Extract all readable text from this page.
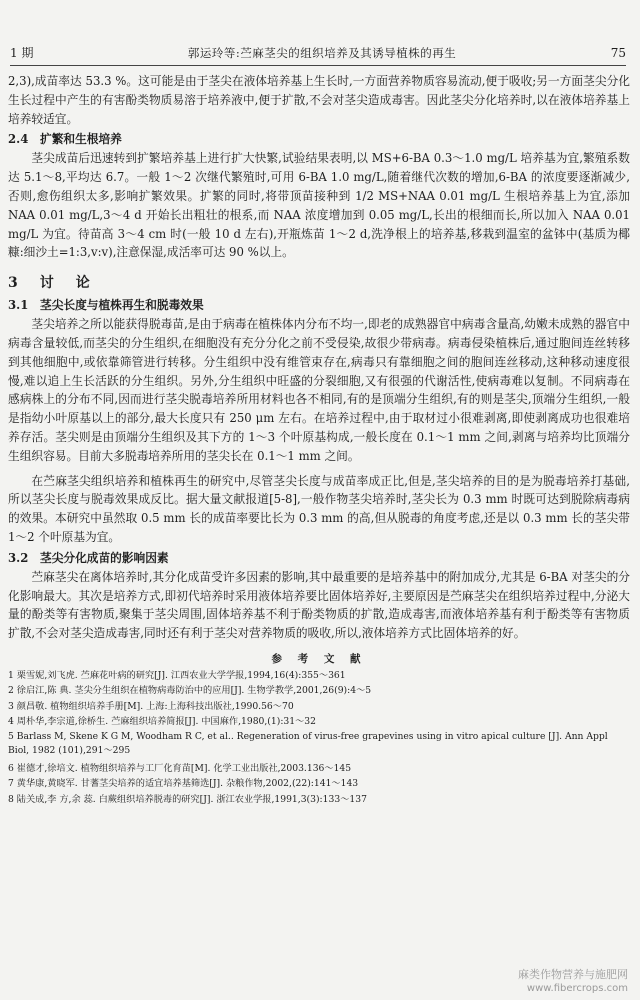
1 期	郭运玲等:苎麻茎尖的组织培养及其诱导植株的再生	75

2,3),成苗率达 53.3 %。这可能是由于茎尖在液体培养基上生长时,一方面营养物质容易流动,便于吸收;另一方面茎尖分化生长过程中产生的有害酚类物质易溶于培养液中,便于扩散,不会对茎尖造成毒害。因此茎尖分化培养时,以在液体培养基上培养较适宜。

2.4　扩繁和生根培养

茎尖成苗后迅速转到扩繁培养基上进行扩大快繁,试验结果表明,以 MS+6-BA 0.3～1.0 mg/L 培养基为宜,繁殖系数达 5.1～8,平均达 6.7。一般 1～2 次继代繁殖时,可用 6-BA 1.0 mg/L,随着继代次数的增加,6-BA 的浓度要逐渐减少,否则,愈伤组织太多,影响扩繁效果。扩繁的同时,将带顶苗接种到 1/2 MS+NAA 0.01 mg/L 生根培养基上为宜,添加 NAA 0.01 mg/L,3～4 d 开始长出粗壮的根系,而 NAA 浓度增加到 0.05 mg/L,长出的根细而长,所以加入 NAA 0.01 mg/L 为宜。待苗高 3～4 cm 时(一般 10 d 左右),开瓶炼苗 1～2 d,洗净根上的培养基,移栽到温室的盆钵中(基质为椰糠:细沙土=1:3,v:v),注意保湿,成活率可达 90 %以上。

3　讨　论
3.1　茎尖长度与植株再生和脱毒效果

茎尖培养之所以能获得脱毒苗,是由于病毒在植株体内分布不均一,即老的成熟器官中病毒含量高,幼嫩未成熟的器官中病毒含量较低,而茎尖的分生组织,在细胞没有充分分化之前不受侵染,故很少带病毒。病毒侵染植株后,通过胞间连丝转移到其他细胞中,或依靠筛管进行转移。分生组织中没有维管束存在,病毒只有靠细胞之间的胞间连丝移动,这种移动速度很慢,难以追上生长活跃的分生组织。另外,分生组织中旺盛的分裂细胞,又有很强的代谢活性,使病毒难以复制。不同病毒在感病株上的分布不同,因而进行茎尖脱毒培养所用材料也各不相同,有的是顶端分生组织,有的则是茎尖,顶端分生组织,一般是指幼小叶原基以上的部分,最大长度只有 250 μm 左右。在培养过程中,由于取材过小很难剥离,即使剥离成功也很难培养存活。茎尖则是由顶端分生组织及其下方的 1～3 个叶原基构成,一般长度在 0.1～1 mm 之间,剥离与培养均比顶端分生组织容易。目前大多脱毒培养所用的茎尖长在 0.1～1 mm 之间。

在苎麻茎尖组织培养和植株再生的研究中,尽管茎尖长度与成苗率成正比,但是,茎尖培养的目的是为脱毒培养打基础,所以茎尖长度与脱毒效果成反比。据大量文献报道[5-8],一般作物茎尖培养时,茎尖长为 0.3 mm 时既可达到脱除病毒病的效果。本研究中虽然取 0.5 mm 长的成苗率要比长为 0.3 mm 的高,但从脱毒的角度考虑,还是以 0.3 mm 长的茎尖带 1～2 个叶原基为宜。

3.2　茎尖分化成苗的影响因素

苎麻茎尖在离体培养时,其分化成苗受许多因素的影响,其中最重要的是培养基中的附加成分,尤其是 6-BA 对茎尖的分化影响最大。其次是培养方式,即初代培养时采用液体培养要比固体培养好,主要原因是苎麻茎尖在组织培养过程中,分泌大量的酚类等有害物质,聚集于茎尖周围,固体培养基不利于酚类物质的扩散,造成毒害,而液体培养基有利于酚类等有害物质扩散,不会对茎尖造成毒害,同时还有利于茎尖对营养物质的吸收,所以,液体培养方式比固体培养的好。

参 考 文 献
1 栗雪妮,刘飞虎. 苎麻花叶病的研究[J]. 江西农业大学学报,1994,16(4):355～361
2 徐启江,陈 典. 茎尖分生组织在植物病毒防治中的应用[J]. 生物学教学,2001,26(9):4～5
3 颜昌敬. 植物组织培养手册[M]. 上海:上海科技出版社,1990.56～70
4 周朴华,李宗道,徐桥生. 苎麻组织培养简报[J]. 中国麻作,1980,(1):31～32
5 Barlass M, Skene K G M, Woodham R C, et al.. Regeneration of virus-free grapevines using in vitro apical culture [J]. Ann Appl Biol, 1982 (101),291～295
6 崔德才,徐培文. 植物组织培养与工厂化育苗[M]. 化学工业出版社,2003.136～145
7 黄华康,黄晓军. 甘蓍茎尖培养的适宜培养基筛选[J]. 杂粮作物,2002,(22):141～143
8 陆关成,李 方,余 蕊. 白蕨组织培养脱毒的研究[J]. 浙江农业学报,1991,3(3):133～137
麻类作物营养与施肥网
www.fibercrops.com
